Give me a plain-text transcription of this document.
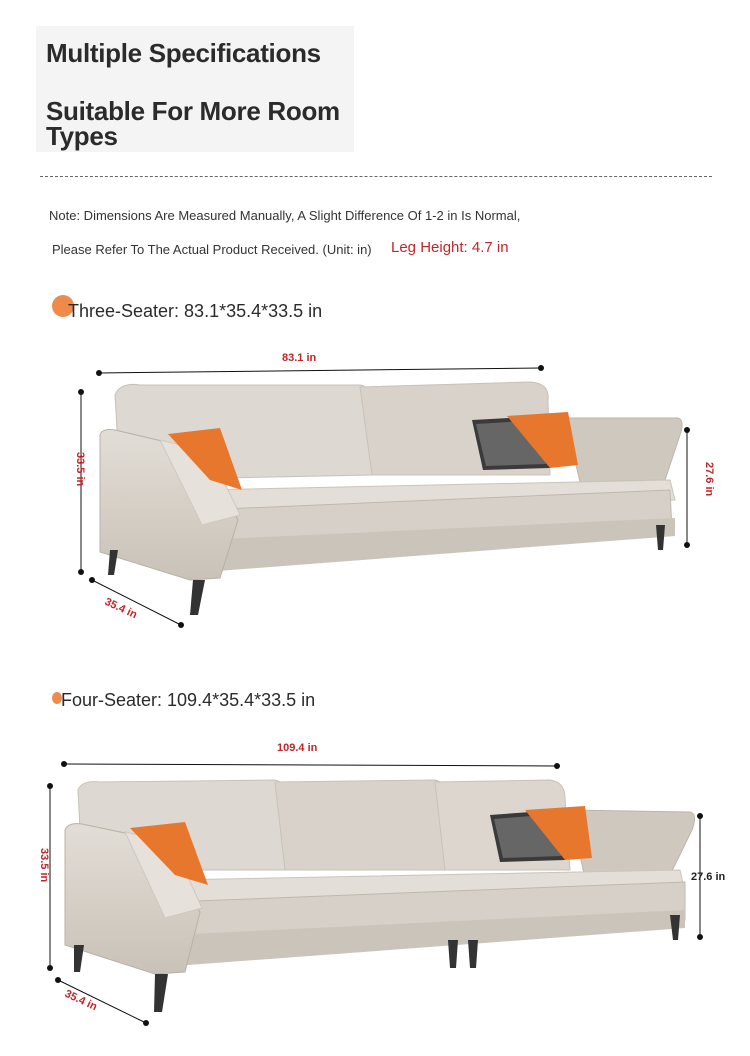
Multiple Specifications
Suitable For More Room
Types
Note: Dimensions Are Measured Manually, A Slight Difference Of 1-2 in Is Normal,
Please Refer To The Actual Product Received. (Unit: in) Leg Height: 4.7 in
Three-Seater: 83.1*35.4*33.5 in
83.1 in
33.5 in	27.6 in
35.4 in
Four-Seater: 109.4*35.4*33.5 in
109.4 in
33.5 in	27.6 in
35.4 in
